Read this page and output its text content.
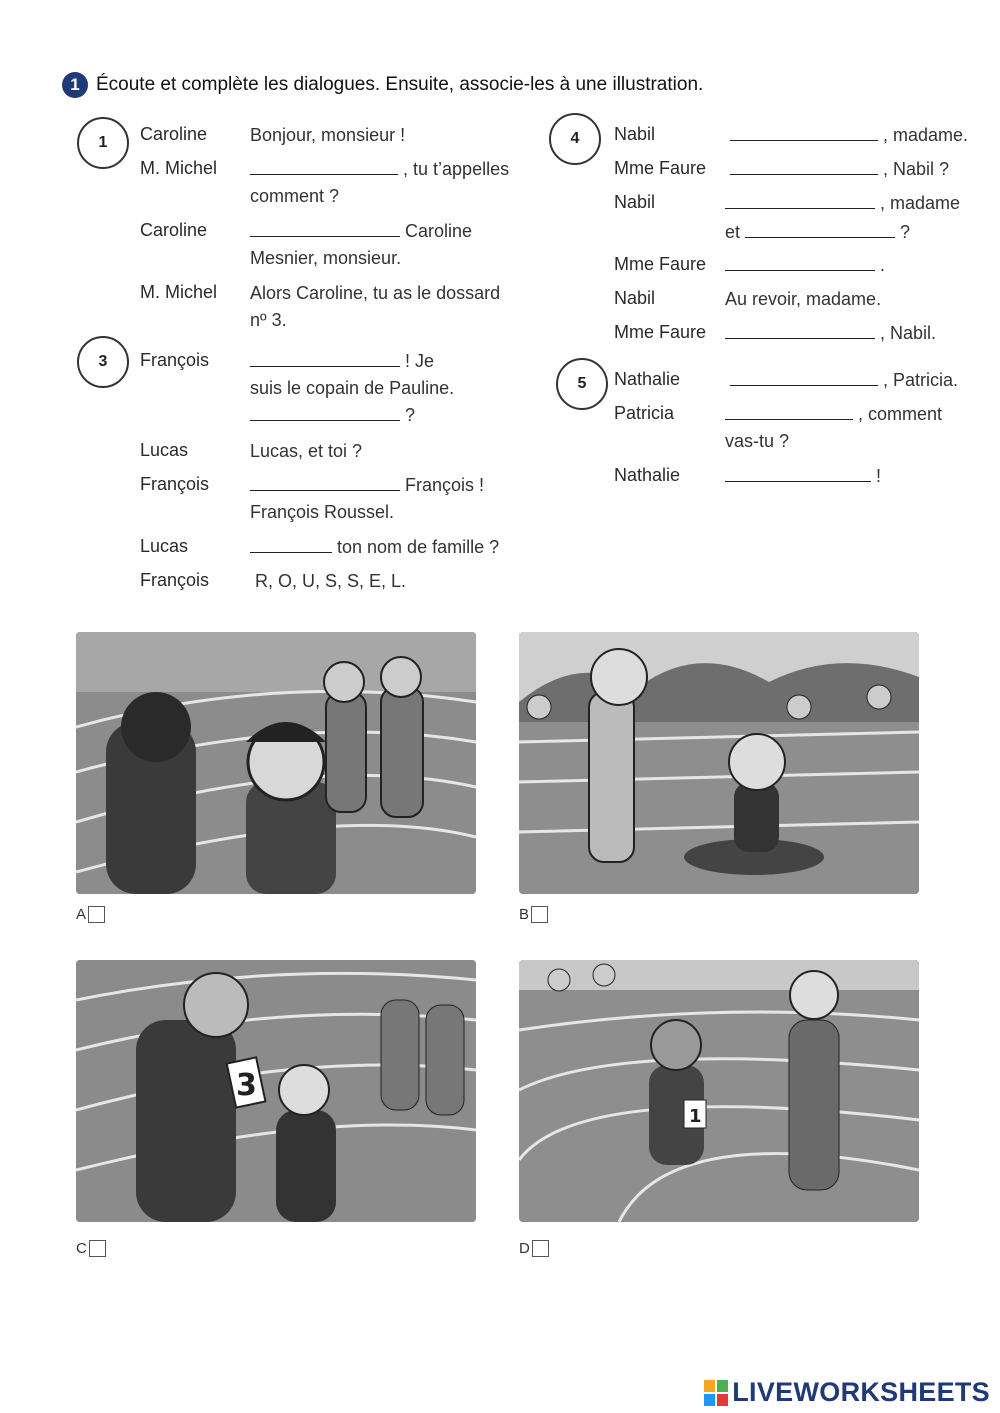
1 Écoute et complète les dialogues. Ensuite, associe-les à une illustration.
1
3
4
5
Caroline Bonjour, monsieur !
M. Michel	, tu t’appelles
comment ?
Caroline	Caroline
Mesnier, monsieur.
M. Michel Alors Caroline, tu as le dossard
nº 3.
François	! Je
suis le copain de Pauline.
?
Lucas	Lucas, et toi ?
François	François !
François Roussel.
Lucas	ton nom de famille ?
François	R, O, U, S, S, E, L.
Nabil	, madame.
Mme Faure	, Nabil ?
Nabil	, madame
et	?
Mme Faure	.
Nabil	Au revoir, madame.
Mme Faure	, Nabil.
Nathalie	, Patricia.
Patricia	, comment
vas-tu ?
Nathalie	!
A	B
3
C
1
D
LIVEWORKSHEETS
